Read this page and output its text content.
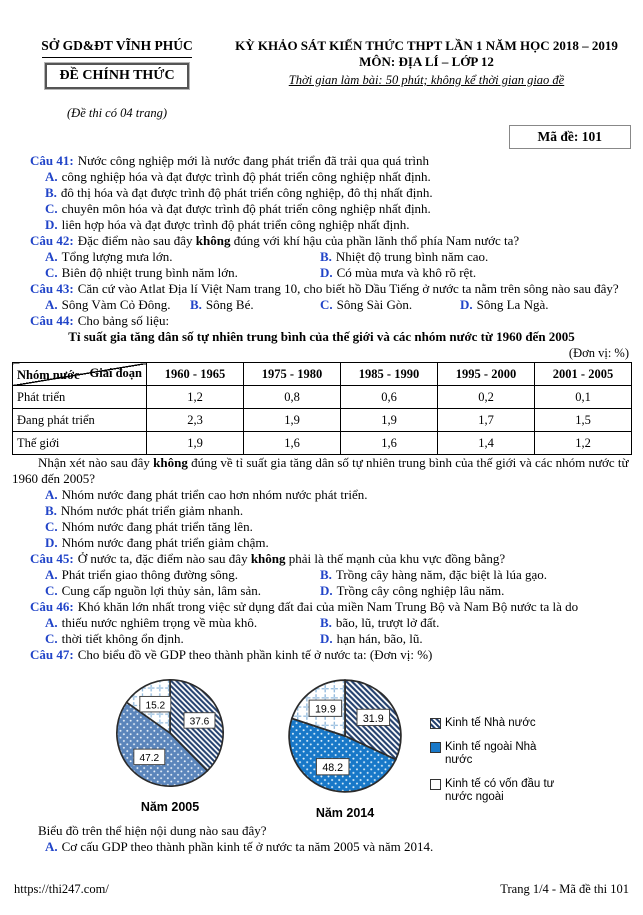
SỞ GD&ĐT VĨNH PHÚC
ĐỀ CHÍNH THỨC
(Đề thi có 04 trang)
KỲ KHẢO SÁT KIẾN THỨC THPT LẦN 1 NĂM HỌC 2018 – 2019
MÔN: ĐỊA LÍ – LỚP 12
Thời gian làm bài: 50 phút; không kể thời gian giao đề
Mã đề: 101

Câu 41: Nước công nghiệp mới là nước đang phát triển đã trải qua quá trình

A. công nghiệp hóa và đạt được trình độ phát triển công nghiệp nhất định.
B. đô thị hóa và đạt được trình độ phát triển công nghiệp, đô thị nhất định.
C. chuyên môn hóa và đạt được trình độ phát triển công nghiệp nhất định.
D. liên hợp hóa và đạt được trình độ phát triển công nghiệp nhất định.

Câu 42: Đặc điểm nào sau đây không đúng với khí hậu của phần lãnh thổ phía Nam nước ta?

A. Tổng lượng mưa lớn.	B. Nhiệt độ trung bình năm cao.
C. Biên độ nhiệt trung bình năm lớn.	D. Có mùa mưa và khô rõ rệt.

Câu 43: Căn cứ vào Atlat Địa lí Việt Nam trang 10, cho biết hồ Dầu Tiếng ở nước ta nằm trên sông nào sau đây?

A. Sông Vàm Cỏ Đông.	B. Sông Bé.	C. Sông Sài Gòn.	D. Sông La Ngà.

Câu 44: Cho bảng số liệu:

Tỉ suất gia tăng dân số tự nhiên trung bình của thế giới và các nhóm nước từ 1960 đến 2005

(Đơn vị: %)

Giai đoạn
Nhóm nước	1960 - 1965	1975 - 1980	1985 - 1990	1995 - 2000	2001 - 2005
Phát triển	1,2	0,8	0,6	0,2	0,1
Đang phát triển	2,3	1,9	1,9	1,7	1,5
Thế giới	1,9	1,6	1,6	1,4	1,2

Nhận xét nào sau đây không đúng về tỉ suất gia tăng dân số tự nhiên trung bình của thế giới và các nhóm nước từ 1960 đến 2005?

A. Nhóm nước đang phát triển cao hơn nhóm nước phát triển.
B. Nhóm nước phát triển giảm nhanh.
C. Nhóm nước đang phát triển tăng lên.
D. Nhóm nước đang phát triển giảm chậm.

Câu 45: Ở nước ta, đặc điểm nào sau đây không phải là thế mạnh của khu vực đồng bằng?

A. Phát triển giao thông đường sông.	B. Trồng cây hàng năm, đặc biệt là lúa gạo.
C. Cung cấp nguồn lợi thủy sản, lâm sản.	D. Trồng cây công nghiệp lâu năm.

Câu 46: Khó khăn lớn nhất trong việc sử dụng đất đai của miền Nam Trung Bộ và Nam Bộ nước ta là do

A. thiếu nước nghiêm trọng về mùa khô.	B. bão, lũ, trượt lở đất.
C. thời tiết không ổn định.	D. hạn hán, bão, lũ.

Câu 47: Cho biểu đồ về GDP theo thành phần kinh tế ở nước ta: (Đơn vị: %)

37.6
47.2
15.2
Năm 2005
31.9
48.2
19.9
Năm 2014
Kinh tế Nhà nước
Kinh tế ngoài Nhà nước
Kinh tế có vốn đầu tư nước ngoài

Biểu đồ trên thể hiện nội dung nào sau đây?

A. Cơ cấu GDP theo thành phần kinh tế ở nước ta năm 2005 và năm 2014.
https://thi247.com/	Trang 1/4 - Mã đề thi 101
